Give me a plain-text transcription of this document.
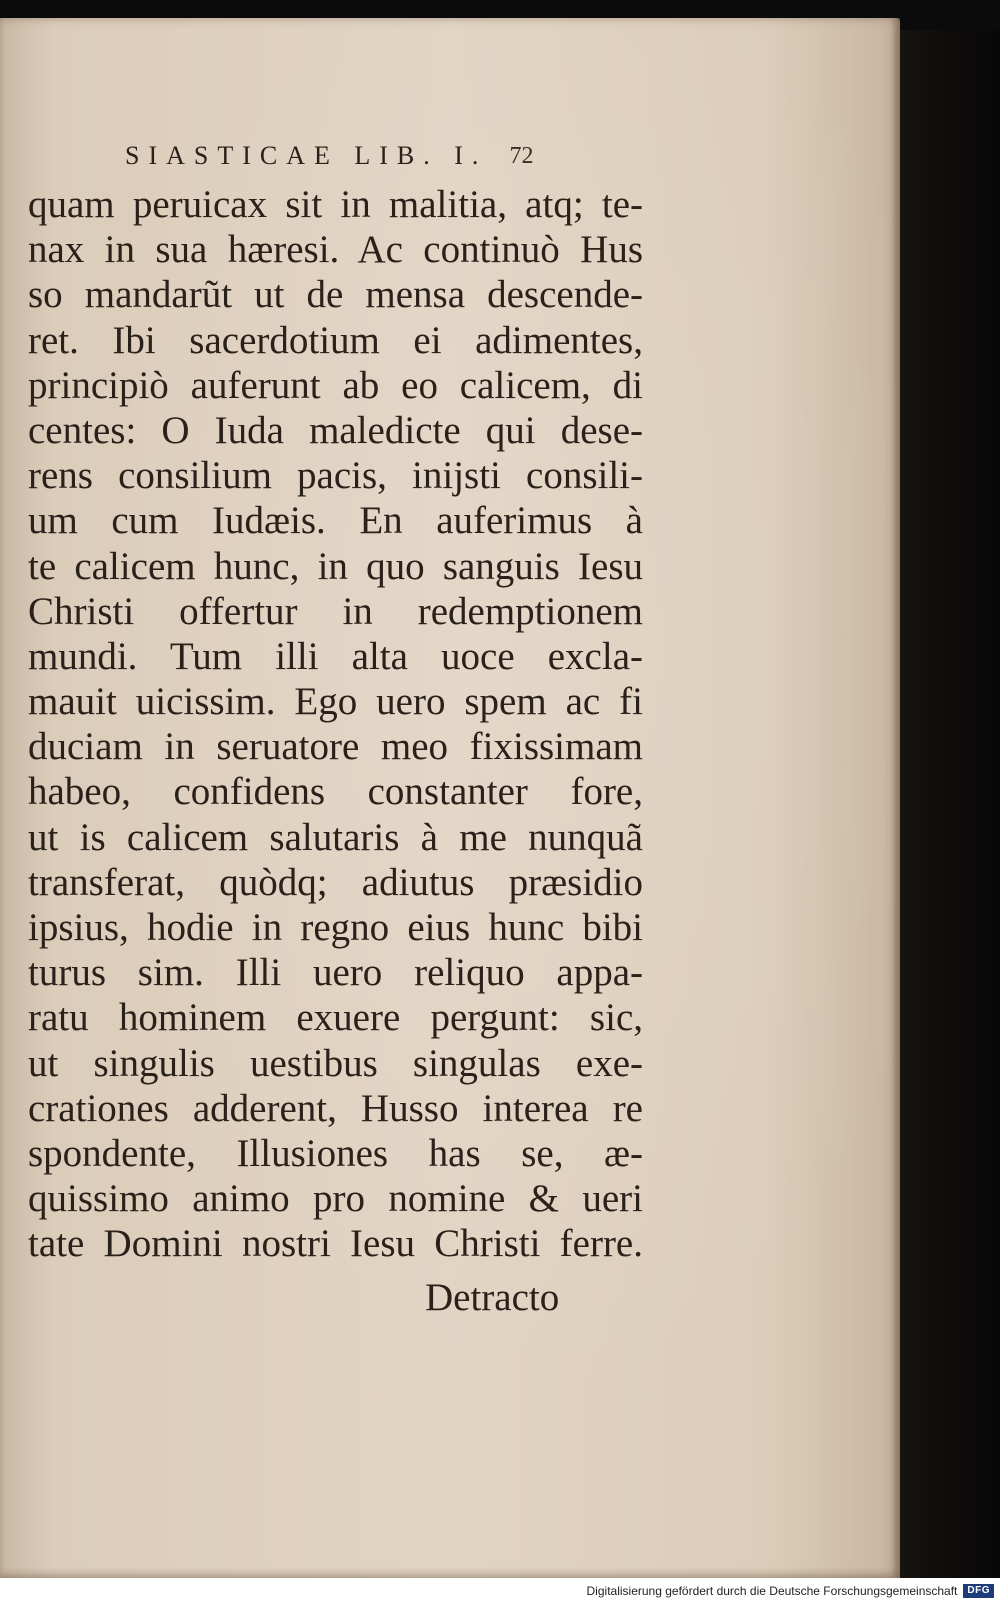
SIASTICAE LIB. I. 72
quam peruicax sit in malitia, atq; te-
nax in sua hæresi. Ac continuò Hus
so mandarũt ut de mensa descende-
ret. Ibi sacerdotium ei adimentes,
principiò auferunt ab eo calicem, di
centes: O Iuda maledicte qui dese-
rens consilium pacis, inijsti consili-
um cum Iudæis. En auferimus à
te calicem hunc, in quo sanguis Iesu
Christi offertur in redemptionem
mundi. Tum illi alta uoce excla-
mauit uicissim. Ego uero spem ac fi
duciam in seruatore meo fixissimam
habeo, confidens constanter fore,
ut is calicem salutaris à me nunquã
transferat, quòdq; adiutus præsidio
ipsius, hodie in regno eius hunc bibi
turus sim. Illi uero reliquo appa-
ratu hominem exuere pergunt: sic,
ut singulis uestibus singulas exe-
crationes adderent, Husso interea re
spondente, Illusiones has se, æ-
quissimo animo pro nomine & ueri
tate Domini nostri Iesu Christi ferre.
Detracto
Digitalisierung gefördert durch die Deutsche Forschungsgemeinschaft	DFG
